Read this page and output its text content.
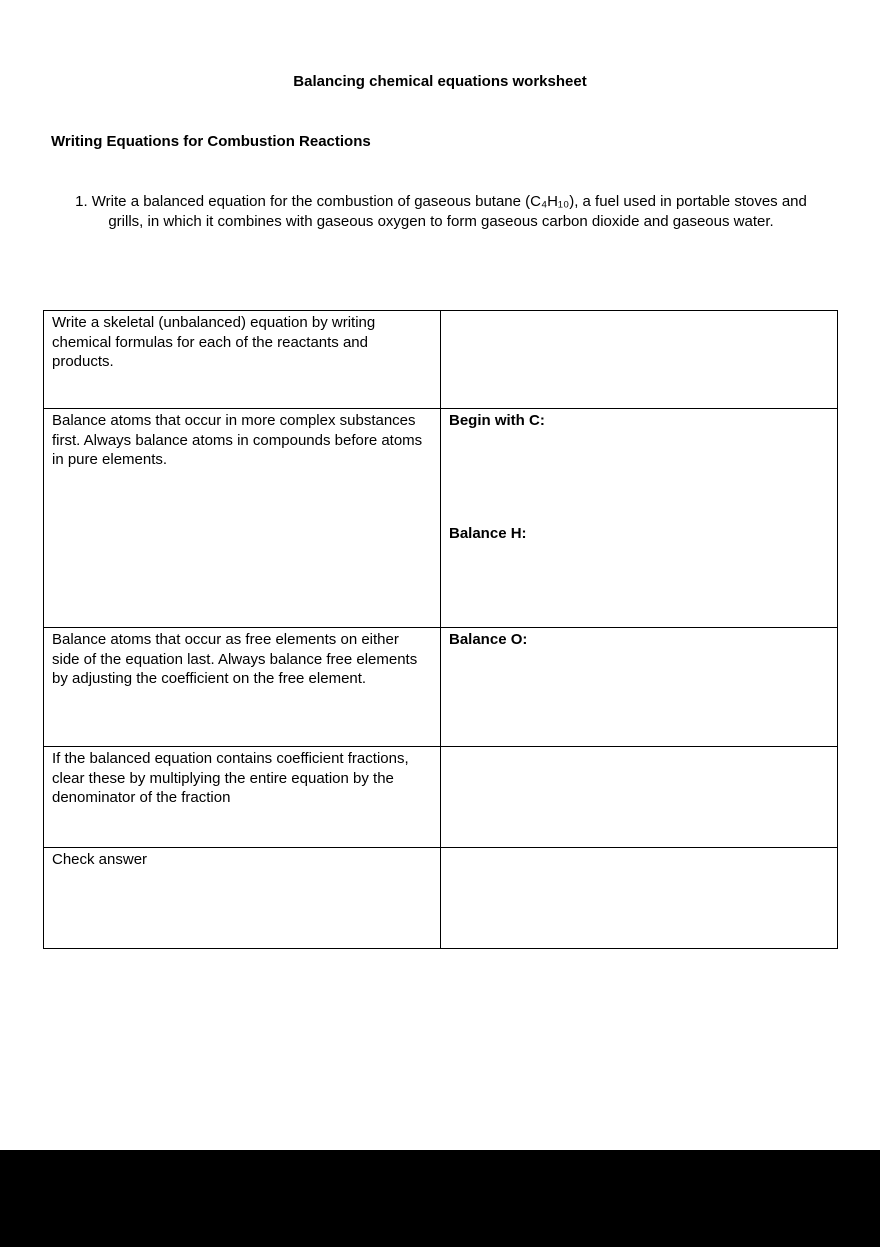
Balancing chemical equations worksheet
Writing Equations for Combustion Reactions
1. Write a balanced equation for the combustion of gaseous butane (C₄H₁₀), a fuel used in portable stoves and grills, in which it combines with gaseous oxygen to form gaseous carbon dioxide and gaseous water.
Write a skeletal (unbalanced) equation by writing chemical formulas for each of the reactants and products.	
Balance atoms that occur in more complex substances first. Always balance atoms in compounds before atoms in pure elements.	Begin with C:
Balance H:

Balance atoms that occur as free elements on either side of the equation last. Always balance free elements by adjusting the coefficient on the free element.	Balance O:

If the balanced equation contains coefficient fractions, clear these by multiplying the entire equation by the denominator of the fraction	
Check answer	
